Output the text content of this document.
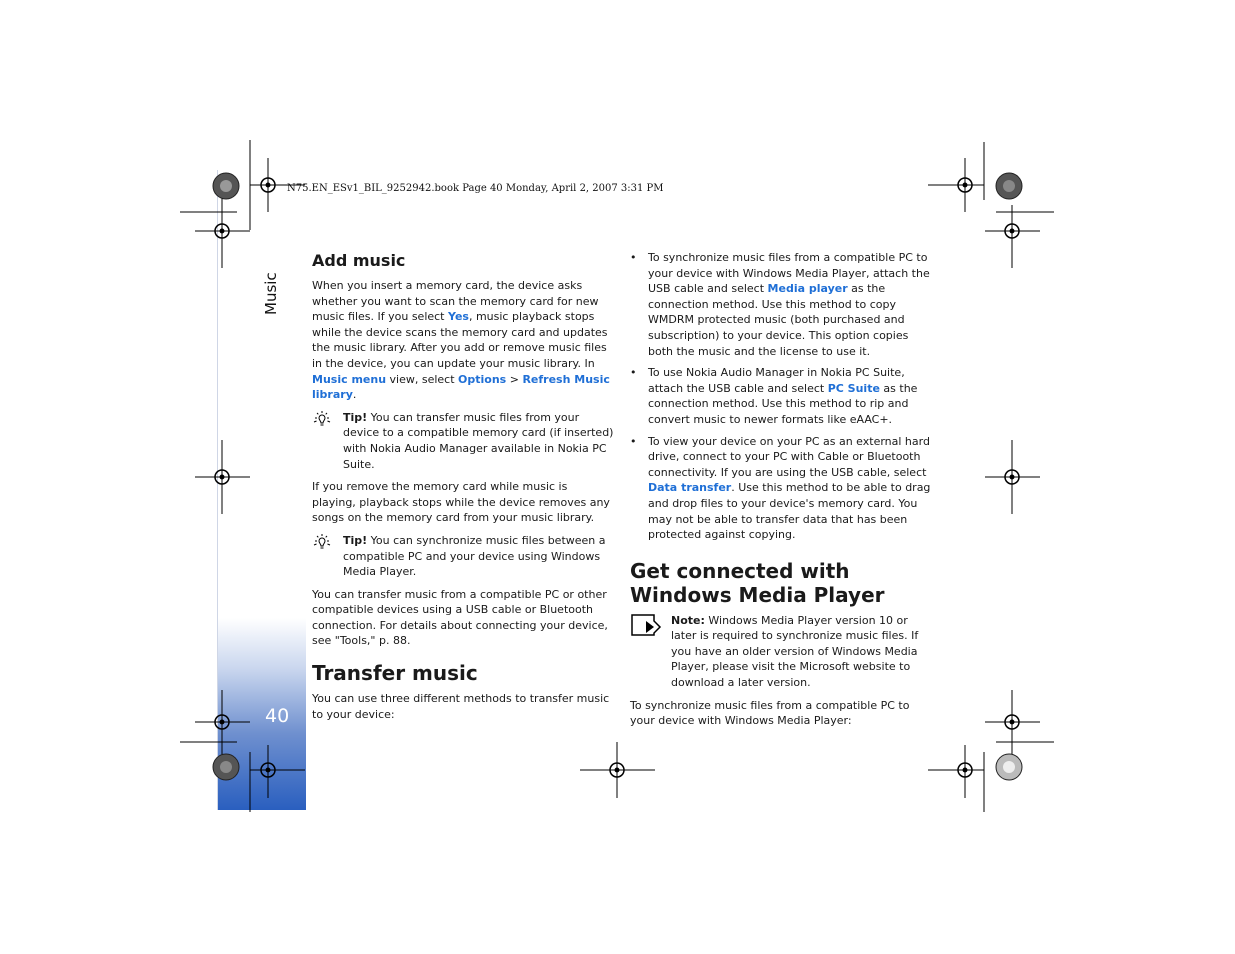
Music
40
N75.EN_ESv1_BIL_9252942.book Page 40 Monday, April 2, 2007 3:31 PM
Add music

When you insert a memory card, the device asks whether you want to scan the memory card for new music files. If you select Yes, music playback stops while the device scans the memory card and updates the music library. After you add or remove music files in the device, you can update your music library. In Music menu view, select Options > Refresh Music library.

Tip! You can transfer music files from your device to a compatible memory card (if inserted) with Nokia Audio Manager available in Nokia PC Suite.

If you remove the memory card while music is playing, playback stops while the device removes any songs on the memory card from your music library.

Tip! You can synchronize music files between a compatible PC and your device using Windows Media Player.

You can transfer music from a compatible PC or other compatible devices using a USB cable or Bluetooth connection. For details about connecting your device, see "Tools," p. 88.

Transfer music

You can use three different methods to transfer music to your device:

• To synchronize music files from a compatible PC to your device with Windows Media Player, attach the USB cable and select Media player as the connection method. Use this method to copy WMDRM protected music (both purchased and subscription) to your device. This option copies both the music and the license to use it.
• To use Nokia Audio Manager in Nokia PC Suite, attach the USB cable and select PC Suite as the connection method. Use this method to rip and convert music to newer formats like eAAC+.
• To view your device on your PC as an external hard drive, connect to your PC with Cable or Bluetooth connectivity. If you are using the USB cable, select Data transfer. Use this method to be able to drag and drop files to your device's memory card. You may not be able to transfer data that has been protected against copying.
Get connected with Windows Media Player
Note: Windows Media Player version 10 or later is required to synchronize music files. If you have an older version of Windows Media Player, please visit the Microsoft website to download a later version.

To synchronize music files from a compatible PC to your device with Windows Media Player:
